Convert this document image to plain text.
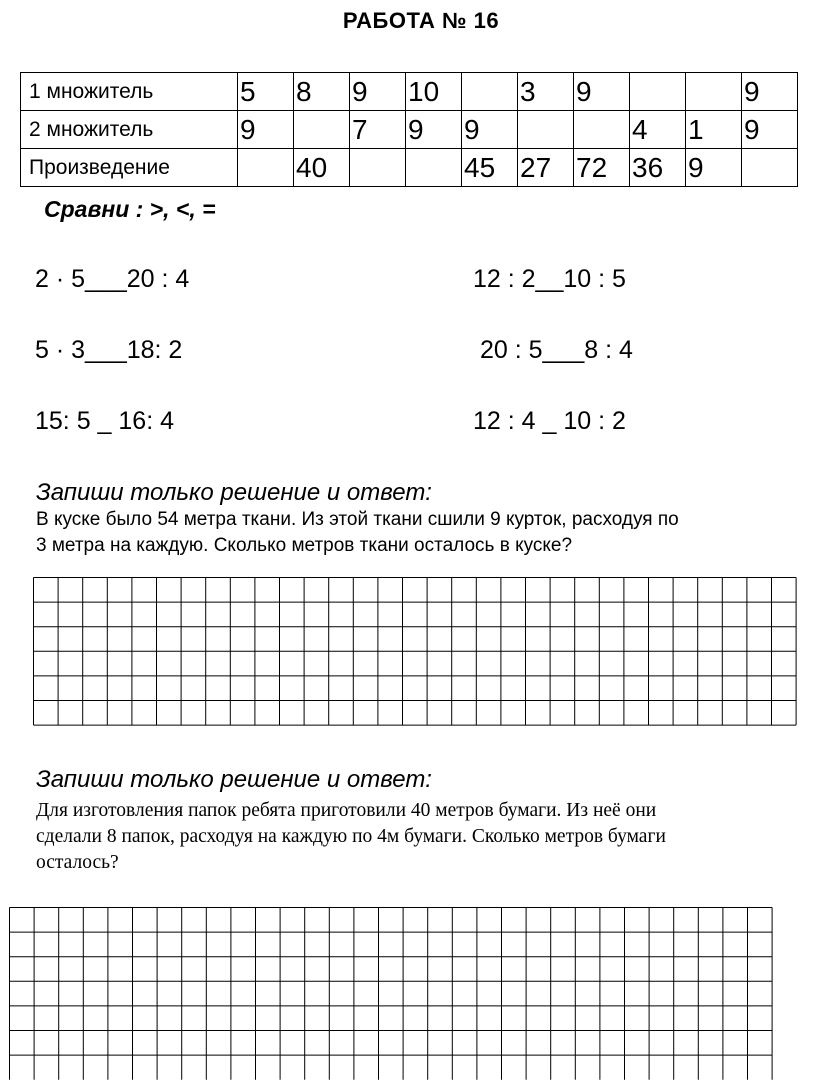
РАБОТА № 16
1 множитель	5	8	9	10		3	9			9
2 множитель	9		7	9	9			4	1	9
Произведение		40			45	27	72	36	9	
Сравни : >, <, =
2 · 5___20 : 4
5 · 3___18: 2
15: 5 _ 16: 4
12 : 2__10 : 5
20 : 5___8 : 4
12 : 4 _ 10 : 2
Запиши только решение и ответ:
В куске было 54 метра ткани. Из этой ткани сшили 9 курток, расходуя по
3 метра на каждую. Сколько метров ткани осталось в куске?
Запиши только решение и ответ:
Для изготовления папок ребята приготовили 40 метров бумаги. Из неё они
сделали 8 папок, расходуя на каждую по 4м бумаги. Сколько метров бумаги
осталось?
